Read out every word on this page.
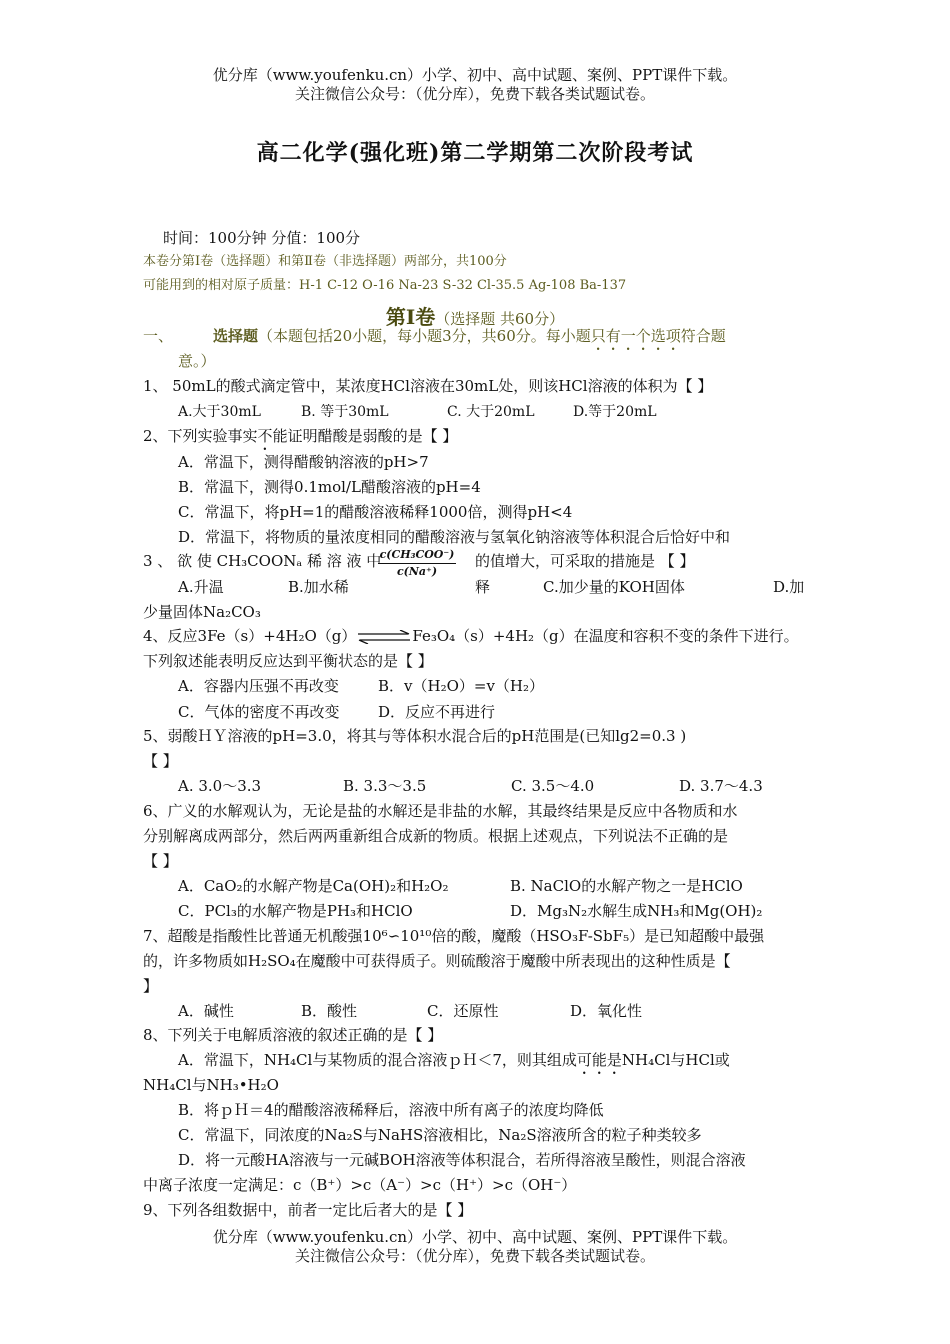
优分库（www.youfenku.cn）小学、初中、高中试题、案例、PPT课件下载。
关注微信公众号：（优分库），免费下载各类试题试卷。
高二化学(强化班)第二学期第二次阶段考试
时间：100分钟 分值：100分
本卷分第Ⅰ卷（选择题）和第Ⅱ卷（非选择题）两部分，共100分
可能用到的相对原子质量：H-1 C-12 O-16 Na-23 S-32 Cl-35.5 Ag-108 Ba-137
第Ⅰ卷（选择题 共60分）
一、	选择题（本题包括20小题，每小题3分，共60分。每小题只有一个选项符合题
意。）
1、 50mL的酸式滴定管中，某浓度HCl溶液在30mL处，则该HCl溶液的体积为【 】
A.大于30mL	B. 等于30mL	C. 大于20mL	D.等于20mL
2、下列实验事实不能证明醋酸是弱酸的是【 】
A．常温下，测得醋酸钠溶液的pH>7
B．常温下，测得0.1mol/L醋酸溶液的pH=4
C．常温下，将pH=1的醋酸溶液稀释1000倍，测得pH<4
D．常温下，将物质的量浓度相同的醋酸溶液与氢氧化钠溶液等体积混合后恰好中和
3 、 欲 使 CH₃COONₐ 稀 溶 液 中
c(CH₃COO⁻)
c(Na⁺)
的值增大，可采取的措施是 【 】
A.升温	B.加水稀	释	C.加少量的KOH固体	D.加
少量固体Na₂CO₃
4、反应3Fe（s）+4H₂O（g）⇌Fe₃O₄（s）+4H₂（g）在温度和容积不变的条件下进行。
下列叙述能表明反应达到平衡状态的是【 】
A．容器内压强不再改变	B．v（H₂O）=v（H₂）
C．气体的密度不再改变	D．反应不再进行
5、弱酸ＨＹ溶液的pH=3.0，将其与等体积水混合后的pH范围是(已知lg2=0.3 )
【 】
A. 3.0～3.3	B. 3.3～3.5	C. 3.5～4.0	D. 3.7～4.3
6、广义的水解观认为，无论是盐的水解还是非盐的水解，其最终结果是反应中各物质和水
分别解离成两部分，然后两两重新组合成新的物质。根据上述观点，下列说法不正确的是
【 】
A．CaO₂的水解产物是Ca(OH)₂和H₂O₂	B. NaClO的水解产物之一是HClO
C．PCl₃的水解产物是PH₃和HClO	D．Mg₃N₂水解生成NH₃和Mg(OH)₂
7、超酸是指酸性比普通无机酸强10⁶∽10¹⁰倍的酸，魔酸（HSO₃F-SbF₅）是已知超酸中最强
的，许多物质如H₂SO₄在魔酸中可获得质子。则硫酸溶于魔酸中所表现出的这种性质是【
】
A．碱性	B．酸性	C．还原性	D．氧化性
8、下列关于电解质溶液的叙述正确的是【 】
A．常温下，NH₄Cl与某物质的混合溶液ｐＨ＜7，则其组成可能是NH₄Cl与HCl或
NH₄Cl与NH₃•H₂O
B．将ｐＨ＝4的醋酸溶液稀释后，溶液中所有离子的浓度均降低
C．常温下，同浓度的Na₂S与NaHS溶液相比，Na₂S溶液所含的粒子种类较多
D．将一元酸HA溶液与一元碱BOH溶液等体积混合，若所得溶液呈酸性，则混合溶液
中离子浓度一定满足：c（B⁺）>c（A⁻）>c（H⁺）>c（OH⁻）
9、下列各组数据中，前者一定比后者大的是【 】
优分库（www.youfenku.cn）小学、初中、高中试题、案例、PPT课件下载。
关注微信公众号：（优分库），免费下载各类试题试卷。
